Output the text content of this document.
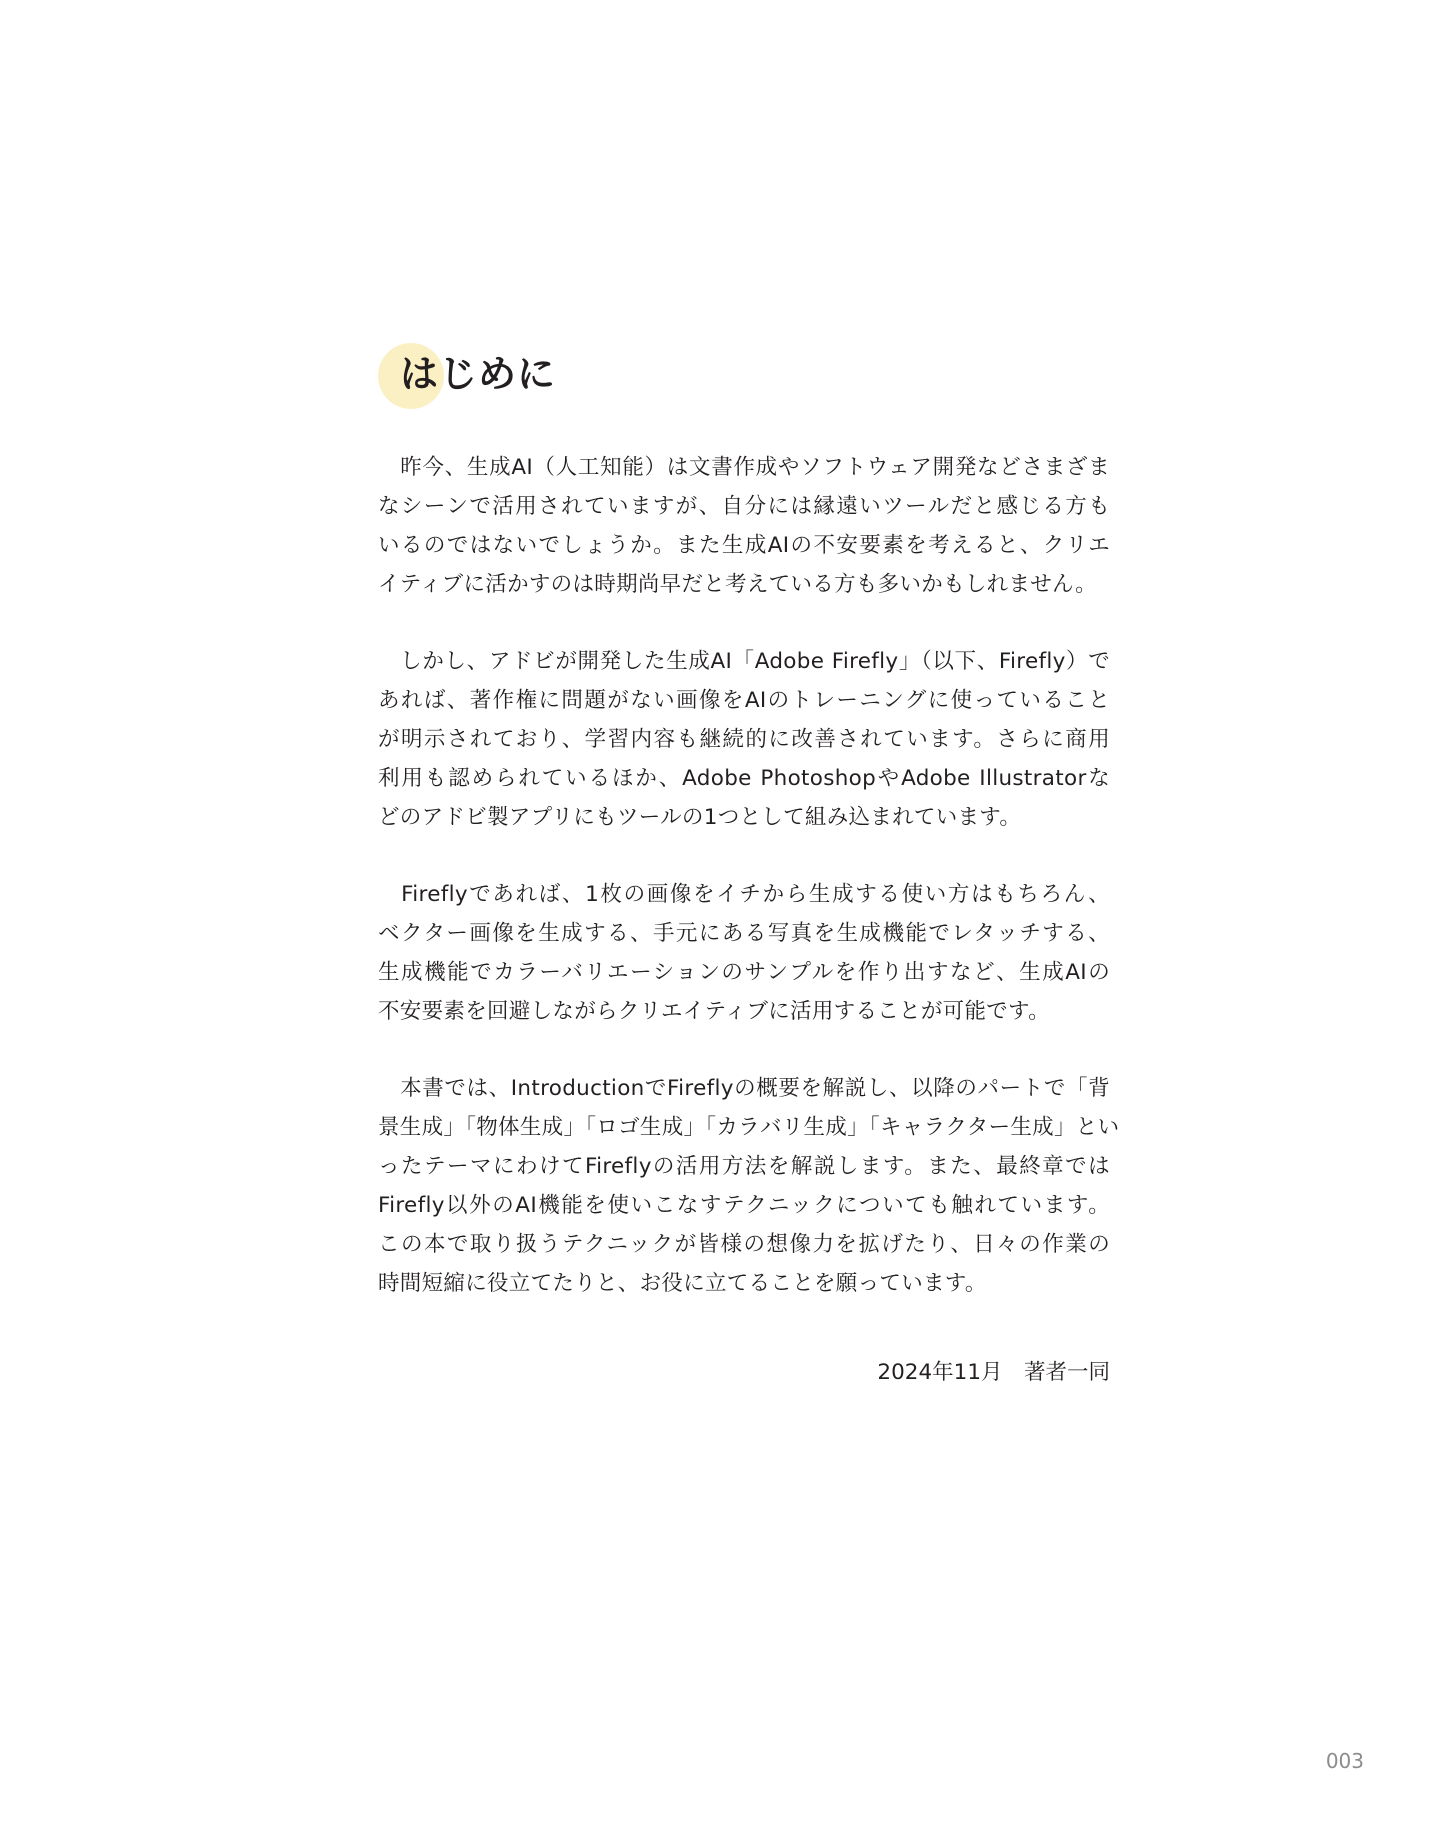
はじめに

　昨今、生成AI（人工知能）は文書作成やソフトウェア開発などさまざま
なシーンで活用されていますが、自分には縁遠いツールだと感じる方も
いるのではないでしょうか。また生成AIの不安要素を考えると、クリエ
イティブに活かすのは時期尚早だと考えている方も多いかもしれません。

　しかし、アドビが開発した生成AI「Adobe Firefly」（以下、Firefly）で
あれば、著作権に問題がない画像をAIのトレーニングに使っていること
が明示されており、学習内容も継続的に改善されています。さらに商用
利用も認められているほか、Adobe PhotoshopやAdobe Illustratorな
どのアドビ製アプリにもツールの1つとして組み込まれています。

　Fireflyであれば、1枚の画像をイチから生成する使い方はもちろん、
ベクター画像を生成する、手元にある写真を生成機能でレタッチする、
生成機能でカラーバリエーションのサンプルを作り出すなど、生成AIの
不安要素を回避しながらクリエイティブに活用することが可能です。

　本書では、IntroductionでFireflyの概要を解説し、以降のパートで「背
景生成」「物体生成」「ロゴ生成」「カラバリ生成」「キャラクター生成」とい
ったテーマにわけてFireflyの活用方法を解説します。また、最終章では
Firefly以外のAI機能を使いこなすテクニックについても触れています。
この本で取り扱うテクニックが皆様の想像力を拡げたり、日々の作業の
時間短縮に役立てたりと、お役に立てることを願っています。

2024年11月　著者一同
003
